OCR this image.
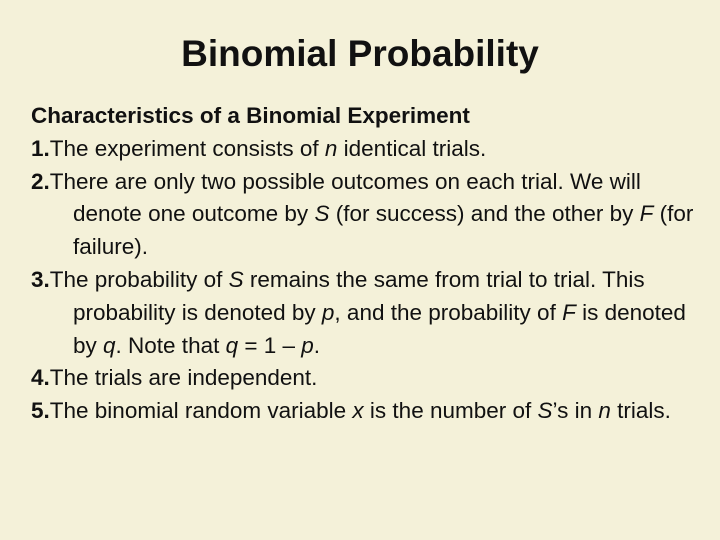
Binomial Probability
Characteristics of a Binomial Experiment
1.The experiment consists of n identical trials.
2.There are only two possible outcomes on each trial. We will denote one outcome by S (for success) and the other by F (for failure).
3.The probability of S remains the same from trial to trial. This probability is denoted by p, and the probability of F is denoted by q. Note that q = 1 – p.
4.The trials are independent.
5.The binomial random variable x is the number of S’s in n trials.
